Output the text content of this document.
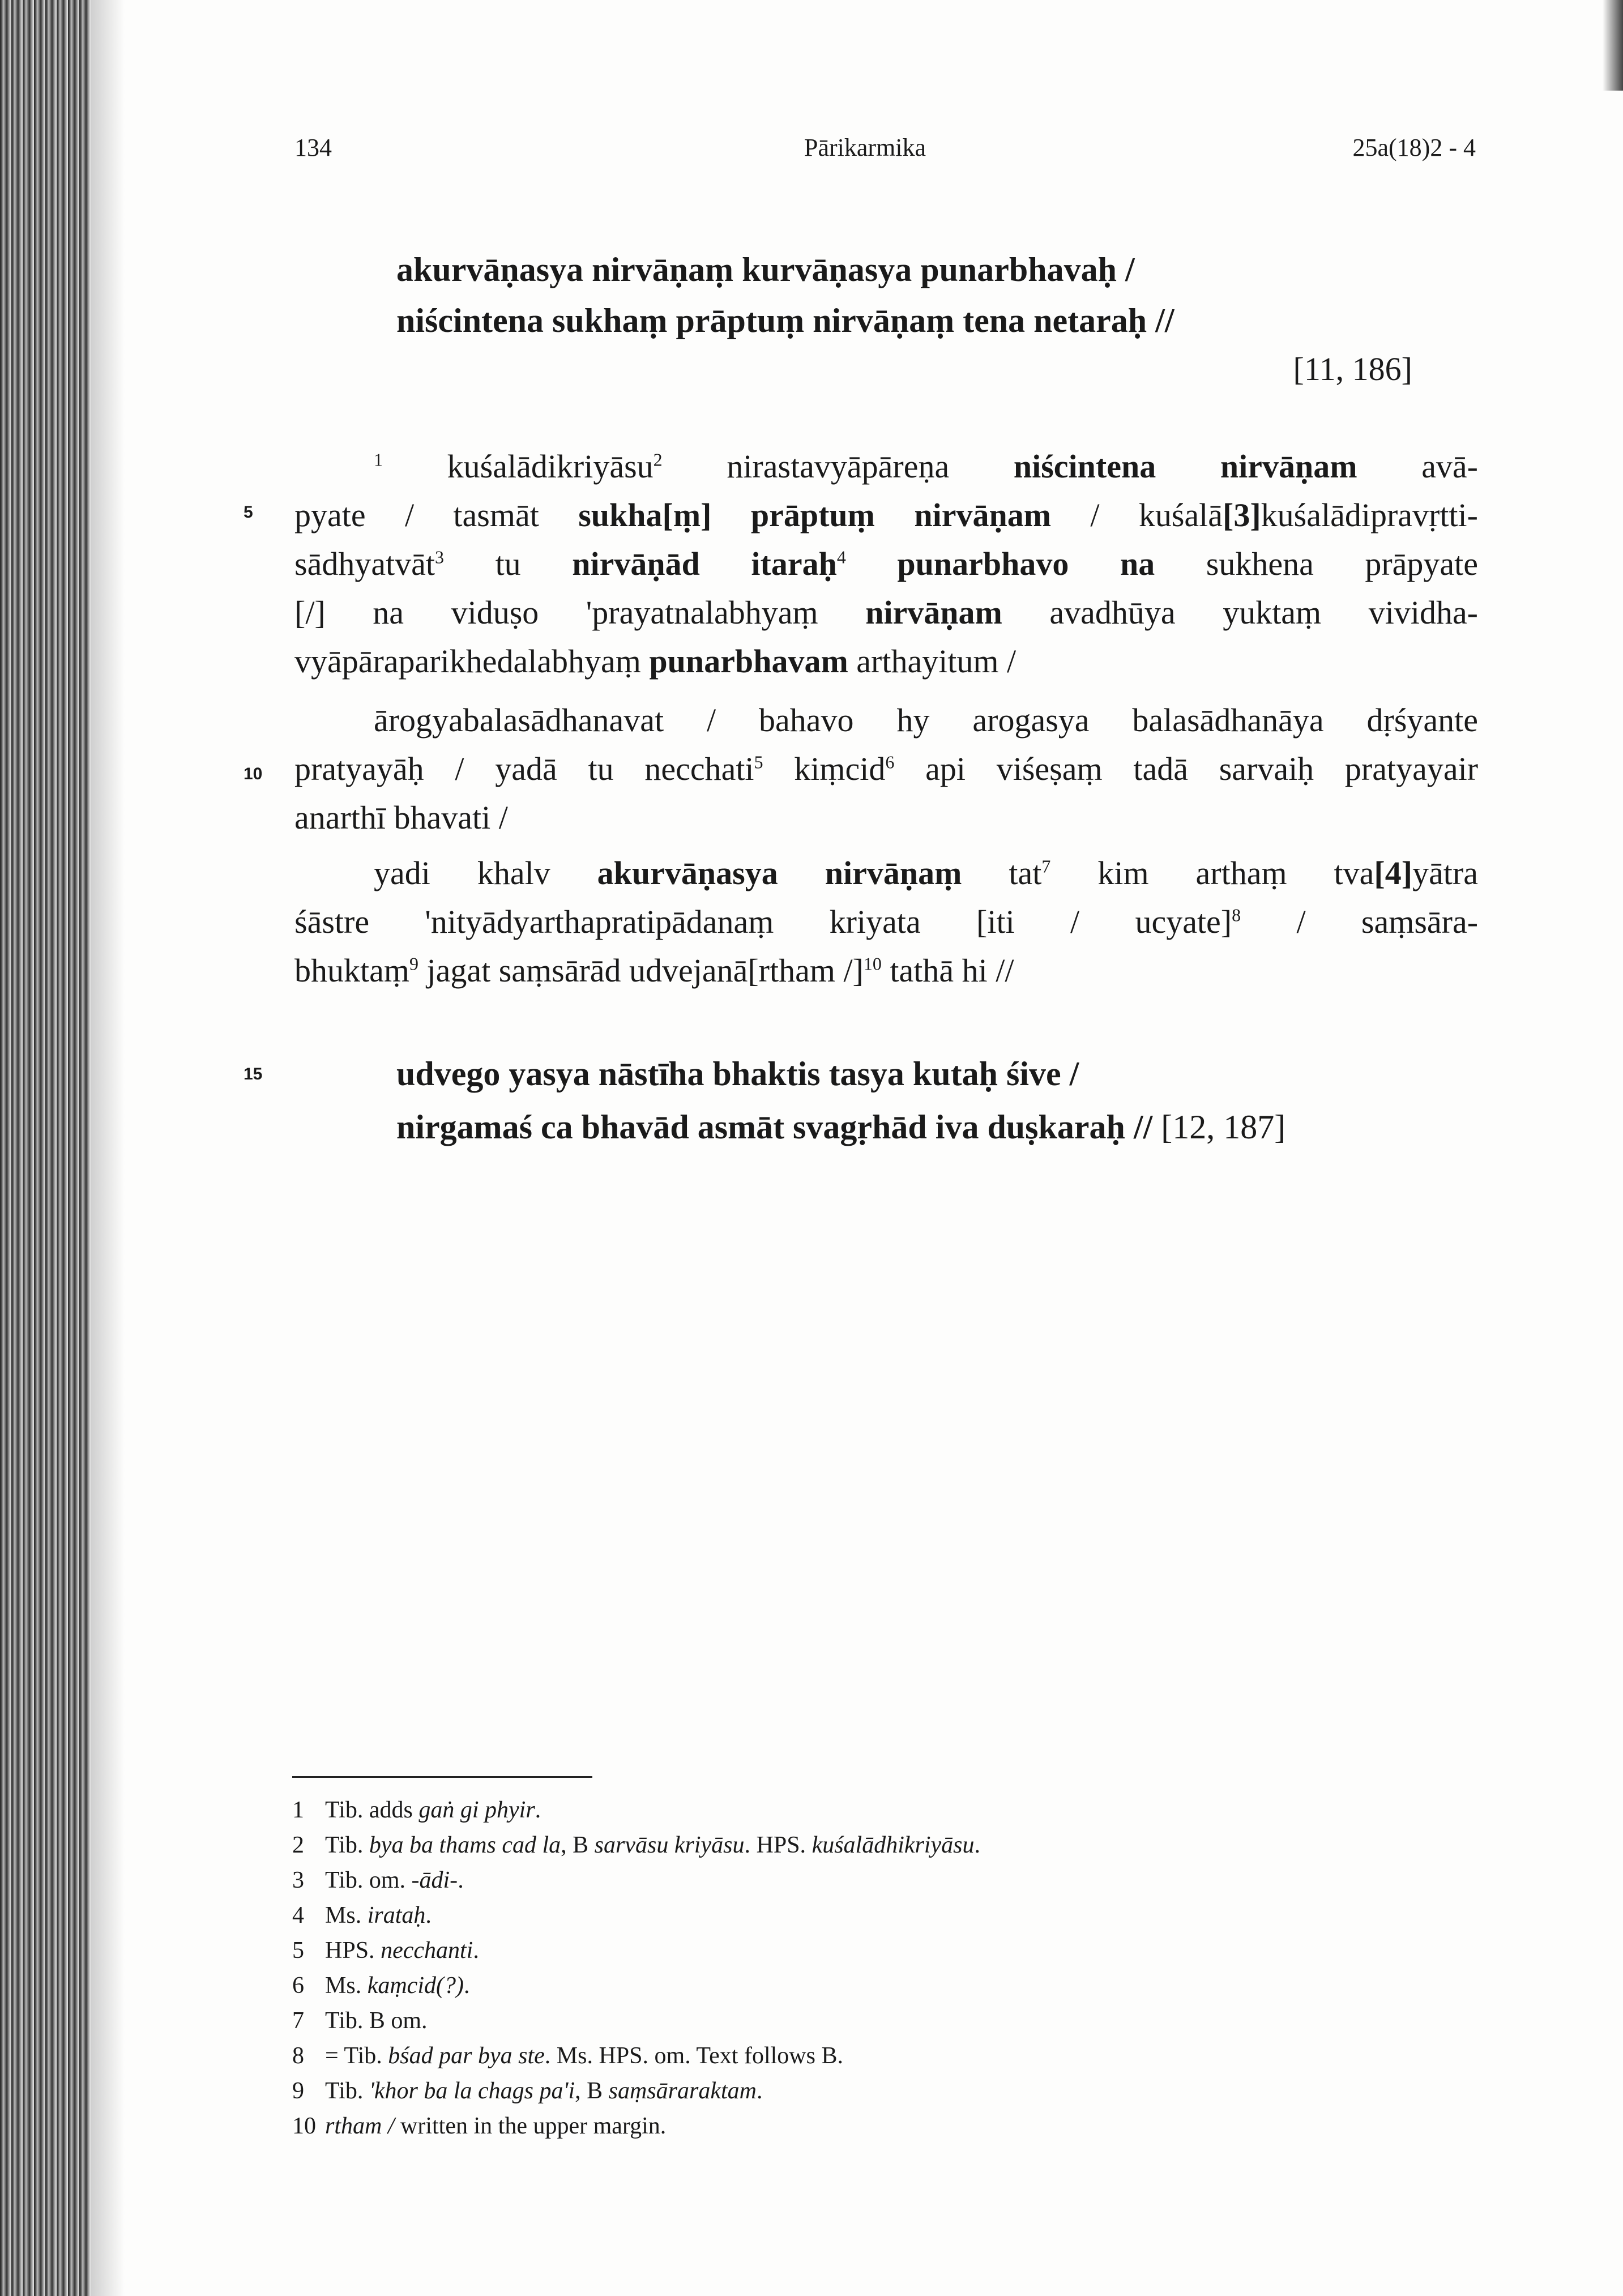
134	Pārikarmika	25a(18)2 - 4
akurvāṇasya nirvāṇaṃ kurvāṇasya punarbhavaḥ /
niścintena sukhaṃ prāptuṃ nirvāṇaṃ tena netaraḥ //
[11, 186]
$^1$ kuśalādikriyāsu$^2$ nirastavyāpāreṇa niścintena nirvāṇam avā-
5 pyate / tasmāt sukha[ṃ] prāptuṃ nirvāṇam / kuśalā[3]kuśalādipravṛtti-
sādhyatvāt$^3$ tu nirvāṇād itaraḥ$^4$ punarbhavo na sukhena prāpyate
[/] na viduṣo 'prayatnalabhyaṃ nirvāṇam avadhūya yuktaṃ vividha-
vyāpāraparikhedalabhyaṃ punarbhavam arthayitum /
ārogyabalasādhanavat / bahavo hy arogasya balasādhanāya dṛśyante
10 pratyayāḥ / yadā tu necchati$^5$ kiṃcid$^6$ api viśeṣaṃ tadā sarvaiḥ pratyayair
anarthī bhavati /
yadi khalv akurvāṇasya nirvāṇaṃ tat$^7$ kim arthaṃ tva[4]yātra
śāstre 'nityādyarthapratipādanaṃ kriyata [iti / ucyate]$^8$ / saṃsāra-
bhuktaṃ$^9$ jagat saṃsārād udvejanā[rtham /]$^{10}$ tathā hi //
15	udvego yasya nāstīha bhaktis tasya kutaḥ śive /
nirgamaś ca bhavād asmāt svagṛhād iva duṣkaraḥ // [12, 187]
1 Tib. adds gaṅ gi phyir.
2 Tib. bya ba thams cad la, B sarvāsu kriyāsu. HPS. kuśalādhikriyāsu.
3 Tib. om. -ādi-.
4 Ms. irataḥ.
5 HPS. necchanti.
6 Ms. kaṃcid(?).
7 Tib. B om.
8 = Tib. bśad par bya ste. Ms. HPS. om. Text follows B.
9 Tib. 'khor ba la chags pa'i, B saṃsāraraktam.
10 rtham / written in the upper margin.
